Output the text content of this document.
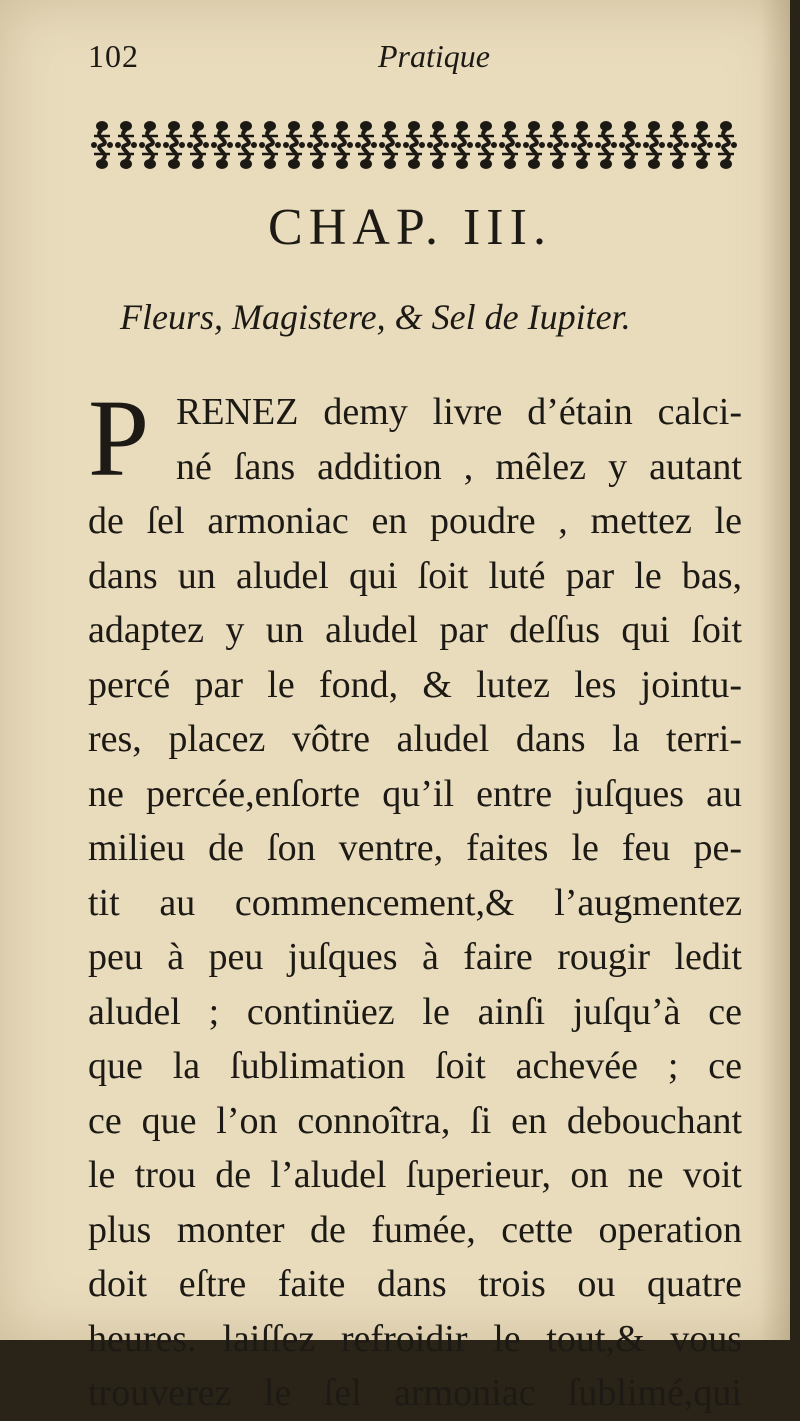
102	Pratique
CHAP. III.
Fleurs, Magistere, & Sel de Iupiter.
P RENEZ demy livre d’étain calci-
né ſans addition , mêlez y autant
de ſel armoniac en poudre , mettez le
dans un aludel qui ſoit luté par le bas,
adaptez y un aludel par deſſus qui ſoit
percé par le fond, & lutez les jointu-
res, placez vôtre aludel dans la terri-
ne percée,enſorte qu’il entre juſques au
milieu de ſon ventre, faites le feu pe-
tit au commencement,& l’augmentez
peu à peu juſques à faire rougir ledit
aludel ; continüez le ainſi juſqu’à ce
que la ſublimation ſoit achevée ; ce
ce que l’on connoîtra, ſi en debouchant
le trou de l’aludel ſuperieur, on ne voit
plus monter de fumée, cette operation
doit eſtre faite dans trois ou quatre
heures. laiſſez refroidir le tout,& vous
trouverez le ſel armoniac ſublimé,qui
